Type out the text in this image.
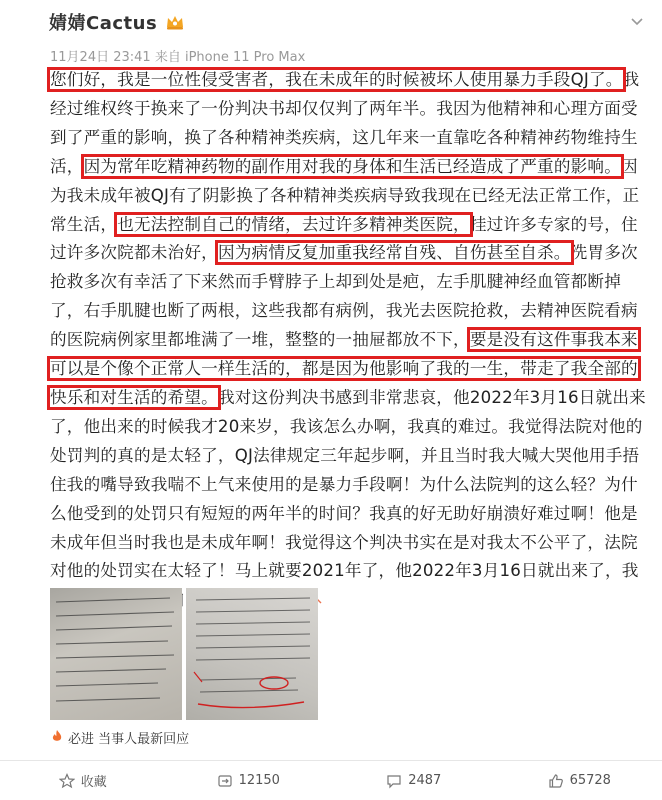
婧婧Cactus
11月24日 23:41 来自 iPhone 11 Pro Max
您们好，我是一位性侵受害者，我在未成年的时候被坏人使用暴力手段QJ了。我经过维权终于换来了一份判决书却仅仅判了两年半。我因为他精神和心理方面受到了严重的影响，换了各种精神类疾病，这几年来一直靠吃各种精神药物维持生活，因为常年吃精神药物的副作用对我的身体和生活已经造成了严重的影响。因为我未成年被QJ有了阴影换了各种精神类疾病导致我现在已经无法正常工作，正常生活，也无法控制自己的情绪，去过许多精神类医院，挂过许多专家的号，住过许多次院都未治好，因为病情反复加重我经常自残、自伤甚至自杀。洗胃多次抢救多次有幸活了下来然而手臂脖子上却到处是疤，左手肌腱神经血管都断掉了，右手肌腱也断了两根，这些我都有病例，我光去医院抢救，去精神医院看病的医院病例家里都堆满了一堆，整整的一抽屉都放不下，要是没有这件事我本来可以是个像个正常人一样生活的，都是因为他影响了我的一生，带走了我全部的快乐和对生活的希望。我对这份判决书感到非常悲哀，他2022年3月16日就出来了，他出来的时候我才20来岁，我该怎么办啊，我真的难过。我觉得法院对他的处罚判的真的是太轻了，QJ法律规定三年起步啊，并且当时我大喊大哭他用手捂住我的嘴导致我喘不上气来使用的是暴力手段啊！为什么法院判的这么轻？为什么他受到的处罚只有短短的两年半的时间？我真的好无助好崩溃好难过啊！他是未成年但当时我也是未成年啊！我觉得这个判决书实在是对我太不公平了，法院对他的处罚实在太轻了！马上就要2021年了，他2022年3月16日就出来了，我 怕！
必进 当事人最新回应
收藏	12150	2487	65728
